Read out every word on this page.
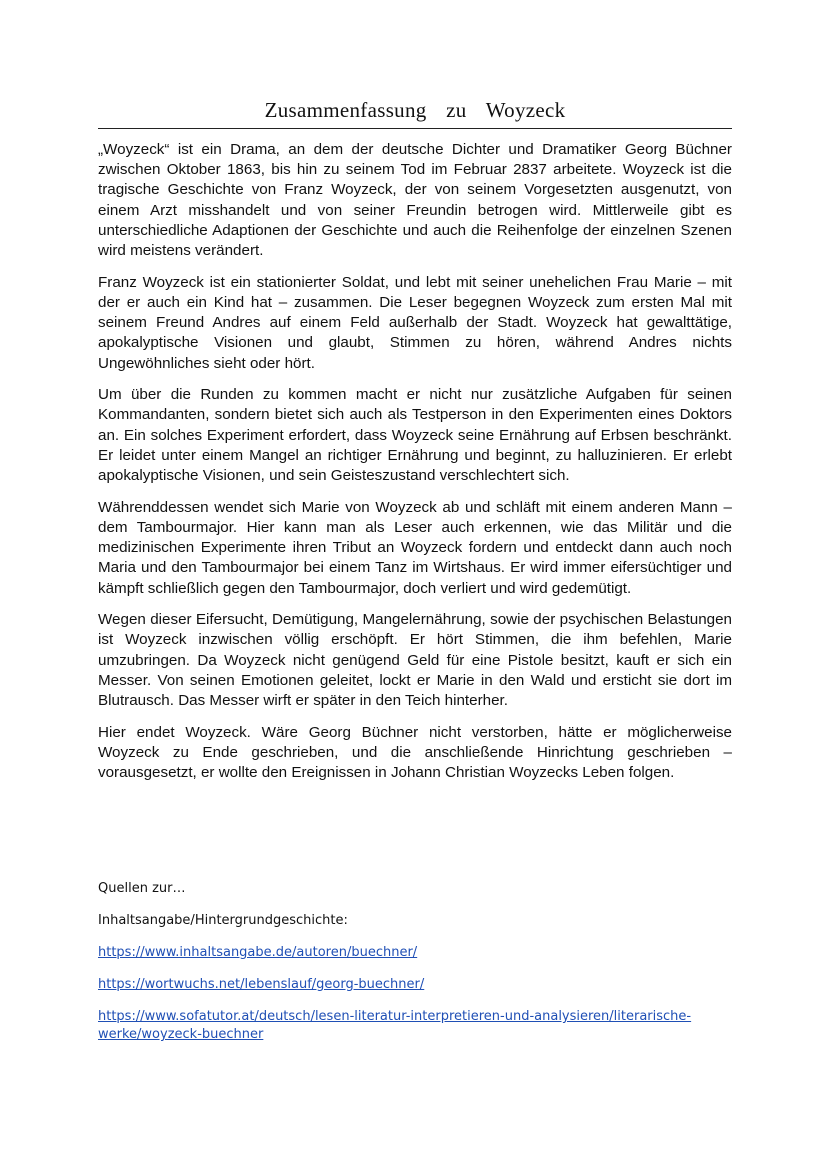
Zusammenfassung zu Woyzeck

„Woyzeck“ ist ein Drama, an dem der deutsche Dichter und Dramatiker Georg Büchner zwischen Oktober 1863, bis hin zu seinem Tod im Februar 2837 arbeitete. Woyzeck ist die tragische Geschichte von Franz Woyzeck, der von seinem Vorgesetzten ausgenutzt, von einem Arzt misshandelt und von seiner Freundin betrogen wird. Mittlerweile gibt es unterschiedliche Adaptionen der Geschichte und auch die Reihenfolge der einzelnen Szenen wird meistens verändert.

Franz Woyzeck ist ein stationierter Soldat, und lebt mit seiner unehelichen Frau Marie – mit der er auch ein Kind hat – zusammen. Die Leser begegnen Woyzeck zum ersten Mal mit seinem Freund Andres auf einem Feld außerhalb der Stadt. Woyzeck hat gewalttätige, apokalyptische Visionen und glaubt, Stimmen zu hören, während Andres nichts Ungewöhnliches sieht oder hört.

Um über die Runden zu kommen macht er nicht nur zusätzliche Aufgaben für seinen Kommandanten, sondern bietet sich auch als Testperson in den Experimenten eines Doktors an. Ein solches Experiment erfordert, dass Woyzeck seine Ernährung auf Erbsen beschränkt. Er leidet unter einem Mangel an richtiger Ernährung und beginnt, zu halluzinieren. Er erlebt apokalyptische Visionen, und sein Geisteszustand verschlechtert sich.

Währenddessen wendet sich Marie von Woyzeck ab und schläft mit einem anderen Mann – dem Tambourmajor. Hier kann man als Leser auch erkennen, wie das Militär und die medizinischen Experimente ihren Tribut an Woyzeck fordern und entdeckt dann auch noch Maria und den Tambourmajor bei einem Tanz im Wirtshaus. Er wird immer eifersüchtiger und kämpft schließlich gegen den Tambourmajor, doch verliert und wird gedemütigt.

Wegen dieser Eifersucht, Demütigung, Mangelernährung, sowie der psychischen Belastungen ist Woyzeck inzwischen völlig erschöpft. Er hört Stimmen, die ihm befehlen, Marie umzubringen. Da Woyzeck nicht genügend Geld für eine Pistole besitzt, kauft er sich ein Messer. Von seinen Emotionen geleitet, lockt er Marie in den Wald und ersticht sie dort im Blutrausch. Das Messer wirft er später in den Teich hinterher.

Hier endet Woyzeck. Wäre Georg Büchner nicht verstorben, hätte er möglicherweise Woyzeck zu Ende geschrieben, und die anschließende Hinrichtung geschrieben – vorausgesetzt, er wollte den Ereignissen in Johann Christian Woyzecks Leben folgen.

Quellen zur…
Inhaltsangabe/Hintergrundgeschichte:
https://www.inhaltsangabe.de/autoren/buechner/
https://wortwuchs.net/lebenslauf/georg-buechner/
https://www.sofatutor.at/deutsch/lesen-literatur-interpretieren-und-analysieren/literarische-werke/woyzeck-buechner
